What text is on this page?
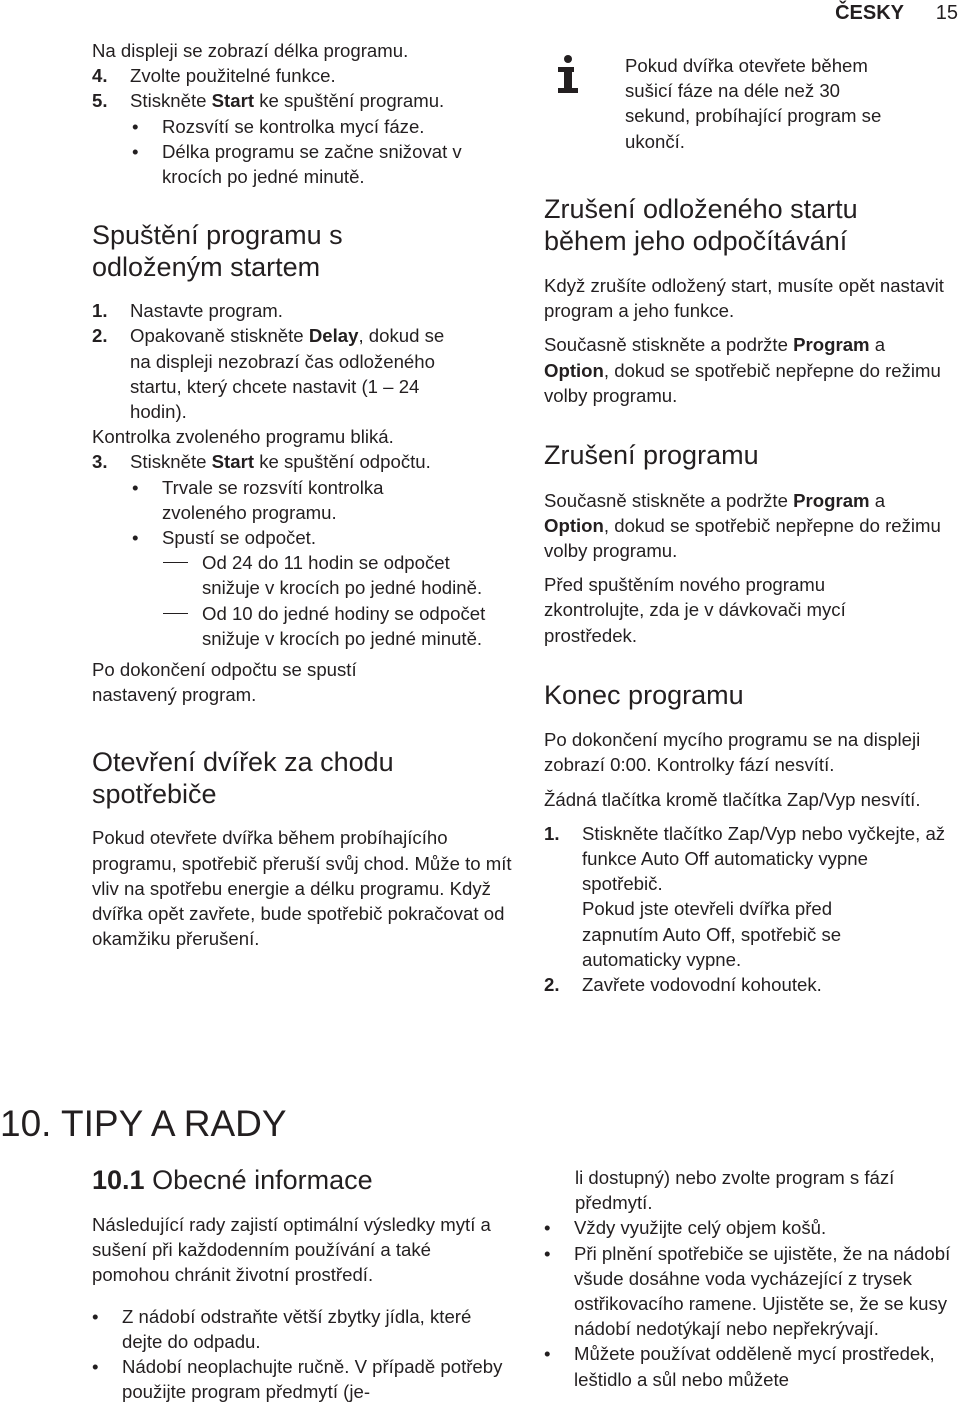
ČESKY 15

Na displeji se zobrazí délka programu.

4. Zvolte použitelné funkce.
5. Stiskněte Start ke spuštění programu.
• Rozsvítí se kontrolka mycí fáze.
• Délka programu se začne snižovat v krocích po jedné minutě.

Spuštění programu s odloženým startem

1. Nastavte program.
2. Opakovaně stiskněte Delay, dokud se na displeji nezobrazí čas odloženého startu, který chcete nastavit (1 – 24 hodin).

Kontrolka zvoleného programu bliká.

3. Stiskněte Start ke spuštění odpočtu.
• Trvale se rozsvítí kontrolka zvoleného programu.
• Spustí se odpočet.
Od 24 do 11 hodin se odpočet snižuje v krocích po jedné hodině.
Od 10 do jedné hodiny se odpočet snižuje v krocích po jedné minutě.

Po dokončení odpočtu se spustí nastavený program.

Otevření dvířek za chodu spotřebiče

Pokud otevřete dvířka během probíhajícího programu, spotřebič přeruší svůj chod. Může to mít vliv na spotřebu energie a délku programu. Když dvířka opět zavřete, bude spotřebič pokračovat od okamžiku přerušení.

Pokud dvířka otevřete během sušicí fáze na déle než 30 sekund, probíhající program se ukončí.

Zrušení odloženého startu během jeho odpočítávání

Když zrušíte odložený start, musíte opět nastavit program a jeho funkce.

Současně stiskněte a podržte Program a Option, dokud se spotřebič nepřepne do režimu volby programu.

Zrušení programu

Současně stiskněte a podržte Program a Option, dokud se spotřebič nepřepne do režimu volby programu.

Před spuštěním nového programu zkontrolujte, zda je v dávkovači mycí prostředek.

Konec programu

Po dokončení mycího programu se na displeji zobrazí 0:00. Kontrolky fází nesvítí.

Žádná tlačítka kromě tlačítka Zap/Vyp nesvítí.

1. Stiskněte tlačítko Zap/Vyp nebo vyčkejte, až funkce Auto Off automaticky vypne spotřebič.
Pokud jste otevřeli dvířka před zapnutím Auto Off, spotřebič se automaticky vypne.
2. Zavřete vodovodní kohoutek.
10. TIPY A RADY

10.1 Obecné informace

Následující rady zajistí optimální výsledky mytí a sušení při každodenním používání a také pomohou chránit životní prostředí.

• Z nádobí odstraňte větší zbytky jídla, které dejte do odpadu.
• Nádobí neoplachujte ručně. V případě potřeby použijte program předmytí (je-
li dostupný) nebo zvolte program s fází předmytí.
• Vždy využijte celý objem košů.
• Při plnění spotřebiče se ujistěte, že na nádobí všude dosáhne voda vycházející z trysek ostřikovacího ramene. Ujistěte se, že se kusy nádobí nedotýkají nebo nepřekrývají.
• Můžete používat odděleně mycí prostředek, leštidlo a sůl nebo můžete
